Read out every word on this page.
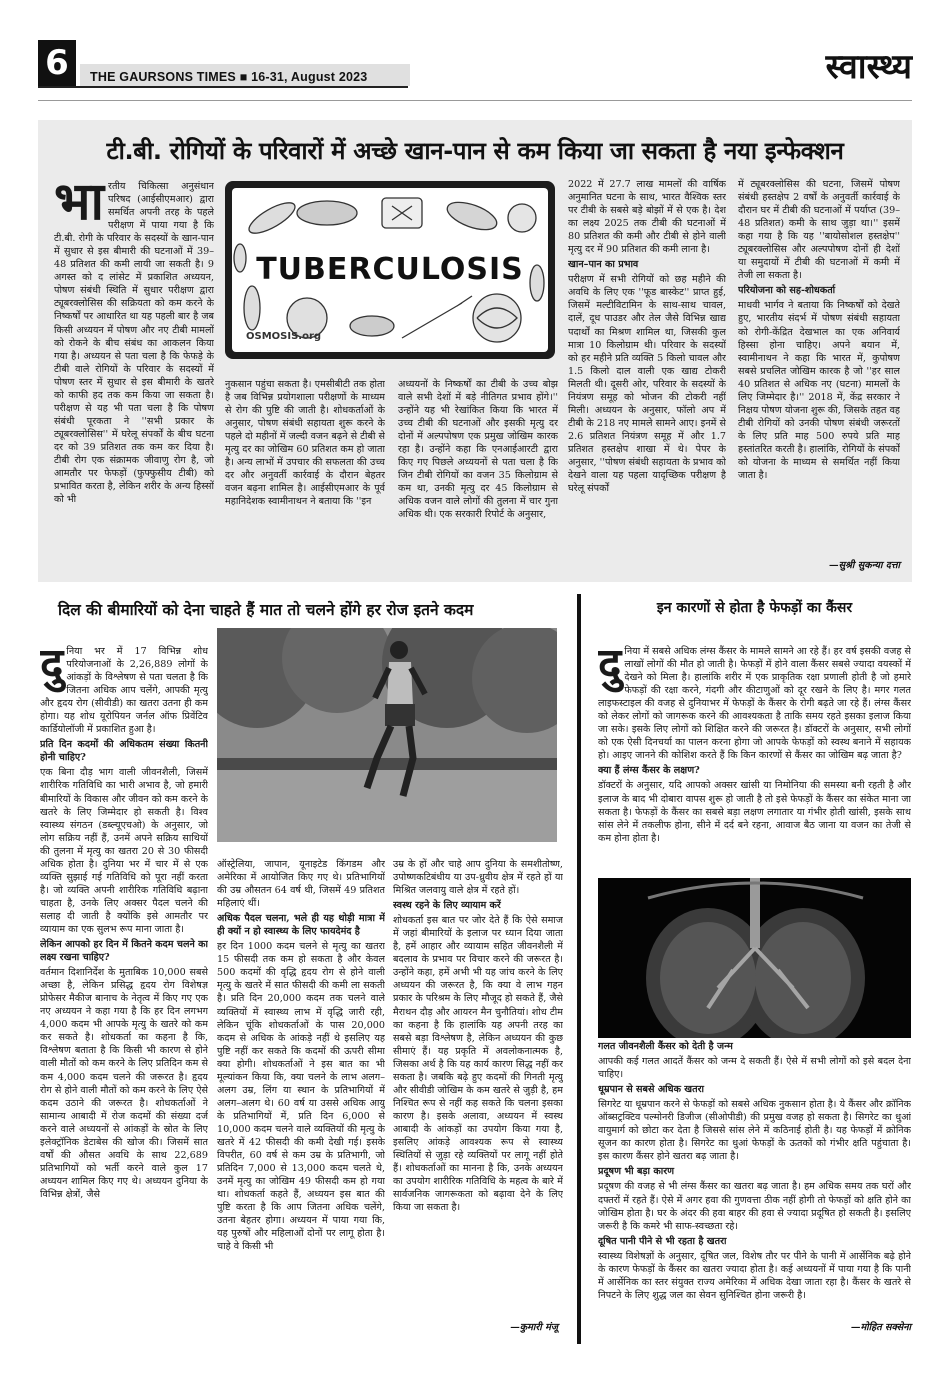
6	THE GAURSONS TIMES ■ 16-31, August 2023	स्वास्थ्य
टी.बी. रोगियों के परिवारों में अच्छे खान-पान से कम किया जा सकता है नया इन्फेक्शन
भारतीय चिकित्सा अनुसंधान परिषद (आईसीएमआर) द्वारा समर्थित अपनी तरह के पहले परीक्षण में पाया गया है कि टी.बी. रोगी के परिवार के सदस्यों के खान-पान में सुधार से इस बीमारी की घटनाओं में 39–48 प्रतिशत की कमी लायी जा सकती है। 9 अगस्त को द लांसेट में प्रकाशित अध्ययन, पोषण संबंधी स्थिति में सुधार परीक्षण द्वारा ट्यूबरक्लोसिस की सक्रियता को कम करने के निष्कर्षों पर आधारित था यह पहली बार है जब किसी अध्ययन में पोषण और नए टीबी मामलों को रोकने के बीच संबंध का आकलन किया गया है। अध्ययन से पता चला है कि फेफड़े के टीबी वाले रोगियों के परिवार के सदस्यों में पोषण स्तर में सुधार से इस बीमारी के खतरे को काफी हद तक कम किया जा सकता है। परीक्षण से यह भी पता चला है कि पोषण संबंधी पूरकता ने ''सभी प्रकार के ट्यूबरक्लोसिस'' में घरेलू संपर्कों के बीच घटना दर को 39 प्रतिशत तक कम कर दिया है। टीबी रोग एक संक्रामक जीवाणु रोग है, जो आमतौर पर फेफड़ों (फुफ्फुसीय टीबी) को प्रभावित करता है, लेकिन शरीर के अन्य हिस्सों को भी
TUBERCULOSIS
OSMOSIS.org
नुकसान पहुंचा सकता है। एमसीबीटी तक होता है जब विभिन्न प्रयोगशाला परीक्षणों के माध्यम से रोग की पुष्टि की जाती है। शोधकर्ताओं के अनुसार, पोषण संबंधी सहायता शुरू करने के पहले दो महीनों में जल्दी वजन बढ़ने से टीबी से मृत्यु दर का जोखिम 60 प्रतिशत कम हो जाता है। अन्य लाभों में उपचार की सफलता की उच्च दर और अनुवर्ती कार्रवाई के दौरान बेहतर वजन बढ़ना शामिल है। आईसीएमआर के पूर्व महानिदेशक स्वामीनाथन ने बताया कि ''इन
अध्ययनों के निष्कर्षों का टीबी के उच्च बोझ वाले सभी देशों में बड़े नीतिगत प्रभाव होंगे।'' उन्होंने यह भी रेखांकित किया कि भारत में उच्च टीबी की घटनाओं और इसकी मृत्यु दर दोनों में अल्पपोषण एक प्रमुख जोखिम कारक रहा है। उन्होंने कहा कि एनआईआरटी द्वारा किए गए पिछले अध्ययनों से पता चला है कि जिन टीबी रोगियों का वजन 35 किलोग्राम से कम था, उनकी मृत्यु दर 45 किलोग्राम से अधिक वजन वाले लोगों की तुलना में चार गुना अधिक थी। एक सरकारी रिपोर्ट के अनुसार,

2022 में 27.7 लाख मामलों की वार्षिक अनुमानित घटना के साथ, भारत वैश्विक स्तर पर टीबी के सबसे बड़े बोझों में से एक है। देश का लक्ष्य 2025 तक टीबी की घटनाओं में 80 प्रतिशत की कमी और टीबी से होने वाली मृत्यु दर में 90 प्रतिशत की कमी लाना है।

खान–पान का प्रभाव

परीक्षण में सभी रोगियों को छह महीने की अवधि के लिए एक ''फूड बास्केट'' प्राप्त हुई, जिसमें मल्टीविटामिन के साथ-साथ चावल, दालें, दूध पाउडर और तेल जैसे विभिन्न खाद्य पदार्थों का मिश्रण शामिल था, जिसकी कुल मात्रा 10 किलोग्राम थी। परिवार के सदस्यों को हर महीने प्रति व्यक्ति 5 किलो चावल और 1.5 किलो दाल वाली एक खाद्य टोकरी मिलती थी। दूसरी ओर, परिवार के सदस्यों के नियंत्रण समूह को भोजन की टोकरी नहीं मिली। अध्ययन के अनुसार, फॉलो अप में टीबी के 218 नए मामले सामने आए। इनमें से 2.6 प्रतिशत नियंत्रण समूह में और 1.7 प्रतिशत हस्तक्षेप शाखा में थे। पेपर के अनुसार, ''पोषण संबंधी सहायता के प्रभाव को देखने वाला यह पहला यादृच्छिक परीक्षण है घरेलू संपर्कों

में ट्यूबरक्लोसिस की घटना, जिसमें पोषण संबंधी हस्तक्षेप 2 वर्षों के अनुवर्ती कार्रवाई के दौरान घर में टीबी की घटनाओं में पर्याप्त (39–48 प्रतिशत) कमी के साथ जुड़ा था।'' इसमें कहा गया है कि यह ''बायोसोशल हस्तक्षेप'' ट्यूबरक्लोसिस और अल्पपोषण दोनों ही देशों या समुदायों में टीबी की घटनाओं में कमी में तेजी ला सकता है।

परियोजना को सह-शोधकर्ता

माधवी भार्गव ने बताया कि निष्कर्षों को देखते हुए, भारतीय संदर्भ में पोषण संबंधी सहायता को रोगी-केंद्रित देखभाल का एक अनिवार्य हिस्सा होना चाहिए। अपने बयान में, स्वामीनाथन ने कहा कि भारत में, कुपोषण सबसे प्रचलित जोखिम कारक है जो ''हर साल 40 प्रतिशत से अधिक नए (घटना) मामलों के लिए जिम्मेदार है।'' 2018 में, केंद्र सरकार ने निक्षय पोषण योजना शुरू की, जिसके तहत वह टीबी रोगियों को उनकी पोषण संबंधी जरूरतों के लिए प्रति माह 500 रुपये प्रति माह हस्तांतरित करती है। हालांकि, रोगियों के संपर्कों को योजना के माध्यम से समर्थित नहीं किया जाता है।

—सुश्री सुकन्या दत्ता
दिल की बीमारियों को देना चाहते हैं मात तो चलने होंगे हर रोज इतने कदम
दुनिया भर में 17 विभिन्न शोध परियोजनाओं के 2,26,889 लोगों के आंकड़ों के विश्लेषण से पता चलता है कि जितना अधिक आप चलेंगे, आपकी मृत्यु और हृदय रोग (सीवीडी) का खतरा उतना ही कम होगा। यह शोध यूरोपियन जर्नल ऑफ प्रिवेंटिव कार्डियोलॉजी में प्रकाशित हुआ है।

प्रति दिन कदमों की अधिकतम संख्या कितनी होनी चाहिए?

एक बिना दौड़ भाग वाली जीवनशैली, जिसमें शारीरिक गतिविधि का भारी अभाव है, जो हमारी बीमारियों के विकास और जीवन को कम करने के खतरे के लिए जिम्मेदार हो सकती है। विश्व स्वास्थ्य संगठन (डब्ल्यूएचओ) के अनुसार, जो लोग सक्रिय नहीं हैं, उनमें अपने सक्रिय साथियों की तुलना में मृत्यु का खतरा 20 से 30 फीसदी अधिक होता है। दुनिया भर में चार में से एक व्यक्ति सुझाई गई गतिविधि को पूरा नहीं करता है। जो व्यक्ति अपनी शारीरिक गतिविधि बढ़ाना चाहता है, उनके लिए अक्सर पैदल चलने की सलाह दी जाती है क्योंकि इसे आमतौर पर व्यायाम का एक सुलभ रूप माना जाता है।

लेकिन आपको हर दिन में कितने कदम चलने का लक्ष्य रखना चाहिए?

वर्तमान दिशानिर्देश के मुताबिक 10,000 सबसे अच्छा है, लेकिन प्रसिद्ध हृदय रोग विशेषज्ञ प्रोफेसर मैकीज बानाच के नेतृत्व में किए गए एक नए अध्ययन ने कहा गया है कि हर दिन लगभग 4,000 कदम भी आपके मृत्यु के खतरे को कम कर सकते है। शोधकर्ता का कहना है कि, विश्लेषण बताता है कि किसी भी कारण से होने वाली मौतों को कम करने के लिए प्रतिदिन कम से कम 4,000 कदम चलने की जरूरत है। हृदय रोग से होने वाली मौतों को कम करने के लिए ऐसे कदम उठाने की जरूरत है। शोधकर्ताओं ने सामान्य आबादी में रोज कदमों की संख्या दर्ज करने वाले अध्ययनों से आंकड़ों के स्रोत के लिए इलेक्ट्रॉनिक डेटाबेस की खोज की। जिसमें सात वर्षों की औसत अवधि के साथ 22,689 प्रतिभागियों को भर्ती करने वाले कुल 17 अध्ययन शामिल किए गए थे। अध्ययन दुनिया के विभिन्न क्षेत्रों, जैसे

ऑस्ट्रेलिया, जापान, यूनाइटेड किंगडम और अमेरिका में आयोजित किए गए थे। प्रतिभागियों की उम्र औसतन 64 वर्ष थी, जिसमें 49 प्रतिशत महिलाएं थीं।

अधिक पैदल चलना, भले ही यह थोड़ी मात्रा में ही क्यों न हो स्वास्थ्य के लिए फायदेमंद है

हर दिन 1000 कदम चलने से मृत्यु का खतरा 15 फीसदी तक कम हो सकता है और केवल 500 कदमों की वृद्धि हृदय रोग से होने वाली मृत्यु के खतरे में सात फीसदी की कमी ला सकती है। प्रति दिन 20,000 कदम तक चलने वाले व्यक्तियों में स्वास्थ्य लाभ में वृद्धि जारी रही, लेकिन चूंकि शोधकर्ताओं के पास 20,000 कदम से अधिक के आंकड़े नहीं थे इसलिए यह पुष्टि नहीं कर सकते कि कदमों की ऊपरी सीमा क्या होगी। शोधकर्ताओं ने इस बात का भी मूल्यांकन किया कि, क्या चलने के लाभ अलग–अलग उम्र, लिंग या स्थान के प्रतिभागियों में अलग–अलग थे। 60 वर्ष या उससे अधिक आयु के प्रतिभागियों में, प्रति दिन 6,000 से 10,000 कदम चलने वाले व्यक्तियों की मृत्यु के खतरे में 42 फीसदी की कमी देखी गई। इसके विपरीत, 60 वर्ष से कम उम्र के प्रतिभागी, जो प्रतिदिन 7,000 से 13,000 कदम चलते थे, उनमें मृत्यु का जोखिम 49 फीसदी कम हो गया था। शोधकर्ता कहते हैं, अध्ययन इस बात की पुष्टि करता है कि आप जितना अधिक चलेंगे, उतना बेहतर होगा। अध्ययन में पाया गया कि, यह पुरुषों और महिलाओं दोनों पर लागू होता है। चाहे वे किसी भी

उम्र के हों और चाहे आप दुनिया के समशीतोष्ण, उपोष्णकटिबंधीय या उप-ध्रुवीय क्षेत्र में रहते हों या मिश्रित जलवायु वाले क्षेत्र में रहते हों।

स्वस्थ रहने के लिए व्यायाम करें

शोधकर्ता इस बात पर जोर देते हैं कि ऐसे समाज में जहां बीमारियों के इलाज पर ध्यान दिया जाता है, हमें आहार और व्यायाम सहित जीवनशैली में बदलाव के प्रभाव पर विचार करने की जरूरत है। उन्होंने कहा, हमें अभी भी यह जांच करने के लिए अध्ययन की जरूरत है, कि क्या वे लाभ गहन प्रकार के परिश्रम के लिए मौजूद हो सकते हैं, जैसे मैराथन दौड़ और आयरन मैन चुनौतियां। शोध टीम का कहना है कि हालांकि यह अपनी तरह का सबसे बड़ा विश्लेषण है, लेकिन अध्ययन की कुछ सीमाएं हैं। यह प्रकृति में अवलोकनात्मक है, जिसका अर्थ है कि यह कार्य कारण सिद्ध नहीं कर सकता है। जबकि बढ़े हुए कदमों की गिनती मृत्यु और सीवीडी जोखिम के कम खतरे से जुड़ी है, हम निश्चित रूप से नहीं कह सकते कि चलना इसका कारण है। इसके अलावा, अध्ययन में स्वस्थ आबादी के आंकड़ों का उपयोग किया गया है, इसलिए आंकड़े आवश्यक रूप से स्वास्थ्य स्थितियों से जुड़ा रहे व्यक्तियों पर लागू नहीं होते हैं। शोधकर्ताओं का मानना है कि, उनके अध्ययन का उपयोग शारीरिक गतिविधि के महत्व के बारे में सार्वजनिक जागरूकता को बढ़ावा देने के लिए किया जा सकता है।

—कुमारी मंजू
इन कारणों से होता है फेफड़ों का कैंसर
दुनिया में सबसे अधिक लंग्स कैंसर के मामले सामने आ रहे हैं। हर वर्ष इसकी वजह से लाखों लोगों की मौत हो जाती है। फेफड़ों में होने वाला कैंसर सबसे ज्यादा वयस्कों में देखने को मिला है। हालांकि शरीर में एक प्राकृतिक रक्षा प्रणाली होती है जो हमारे फेफड़ों की रक्षा करने, गंदगी और कीटाणुओं को दूर रखने के लिए है। मगर गलत लाइफस्टाइल की वजह से दुनियाभर में फेफड़ों के कैंसर के रोगी बढ़ते जा रहे हैं। लंग्स कैंसर को लेकर लोगों को जागरूक करने की आवश्यकता है ताकि समय रहते इसका इलाज किया जा सके। इसके लिए लोगों को शिक्षित करने की जरूरत है। डॉक्टरों के अनुसार, सभी लोगों को एक ऐसी दिनचर्या का पालन करना होगा जो आपके फेफड़ों को स्वस्थ बनाने में सहायक हो। आइए जानने की कोशिश करते हैं कि किन कारणों से कैंसर का जोखिम बढ़ जाता है?

क्या हैं लंग्स कैंसर के लक्षण?

डॉक्टरों के अनुसार, यदि आपको अक्सर खांसी या निमोनिया की समस्या बनी रहती है और इलाज के बाद भी दोबारा वापस शुरू हो जाती है तो इसे फेफड़ों के कैंसर का संकेत माना जा सकता है। फेफड़ों के कैंसर का सबसे बड़ा लक्षण लगातार या गंभीर होती खांसी, इसके साथ सांस लेने में तकलीफ होना, सीने में दर्द बने रहना, आवाज बैठ जाना या वजन का तेजी से कम होना होता है।

गलत जीवनशैली कैंसर को देती है जन्म

आपकी कई गलत आदतें कैंसर को जन्म दे सकती हैं। ऐसे में सभी लोगों को इसे बदल देना चाहिए।

धूम्रपान से सबसे अधिक खतरा

सिगरेट या धूम्रपान करने से फेफड़ों को सबसे अधिक नुकसान होता है। ये कैंसर और क्रॉनिक ऑब्सट्रक्टिव पल्मोनरी डिजीज (सीओपीडी) की प्रमुख वजह हो सकता है। सिगरेट का धुआं वायुमार्ग को छोटा कर देता है जिससे सांस लेने में कठिनाई होती है। यह फेफड़ों में क्रोनिक सूजन का कारण होता है। सिगरेट का धुआं फेफड़ों के ऊतकों को गंभीर क्षति पहुंचाता है। इस कारण कैंसर होने खतरा बढ़ जाता है।

प्रदूषण भी बड़ा कारण

प्रदूषण की वजह से भी लंग्स कैंसर का खतरा बढ़ जाता है। हम अधिक समय तक घरों और दफ्तरों में रहते हैं। ऐसे में अगर हवा की गुणवत्ता ठीक नहीं होगी तो फेफड़ों को क्षति होने का जोखिम होता है। घर के अंदर की हवा बाहर की हवा से ज्यादा प्रदूषित हो सकती है। इसलिए जरूरी है कि कमरे भी साफ-स्वच्छता रहे।

दूषित पानी पीने से भी रहता है खतरा

स्वास्थ्य विशेषज्ञों के अनुसार, दूषित जल, विशेष तौर पर पीने के पानी में आर्सेनिक बढ़े होने के कारण फेफड़ों के कैंसर का खतरा ज्यादा होता है। कई अध्ययनों में पाया गया है कि पानी में आर्सेनिक का स्तर संयुक्त राज्य अमेरिका में अधिक देखा जाता रहा है। कैंसर के खतरे से निपटने के लिए शुद्ध जल का सेवन सुनिश्चित होना जरूरी है।

—मोहित सक्सेना
